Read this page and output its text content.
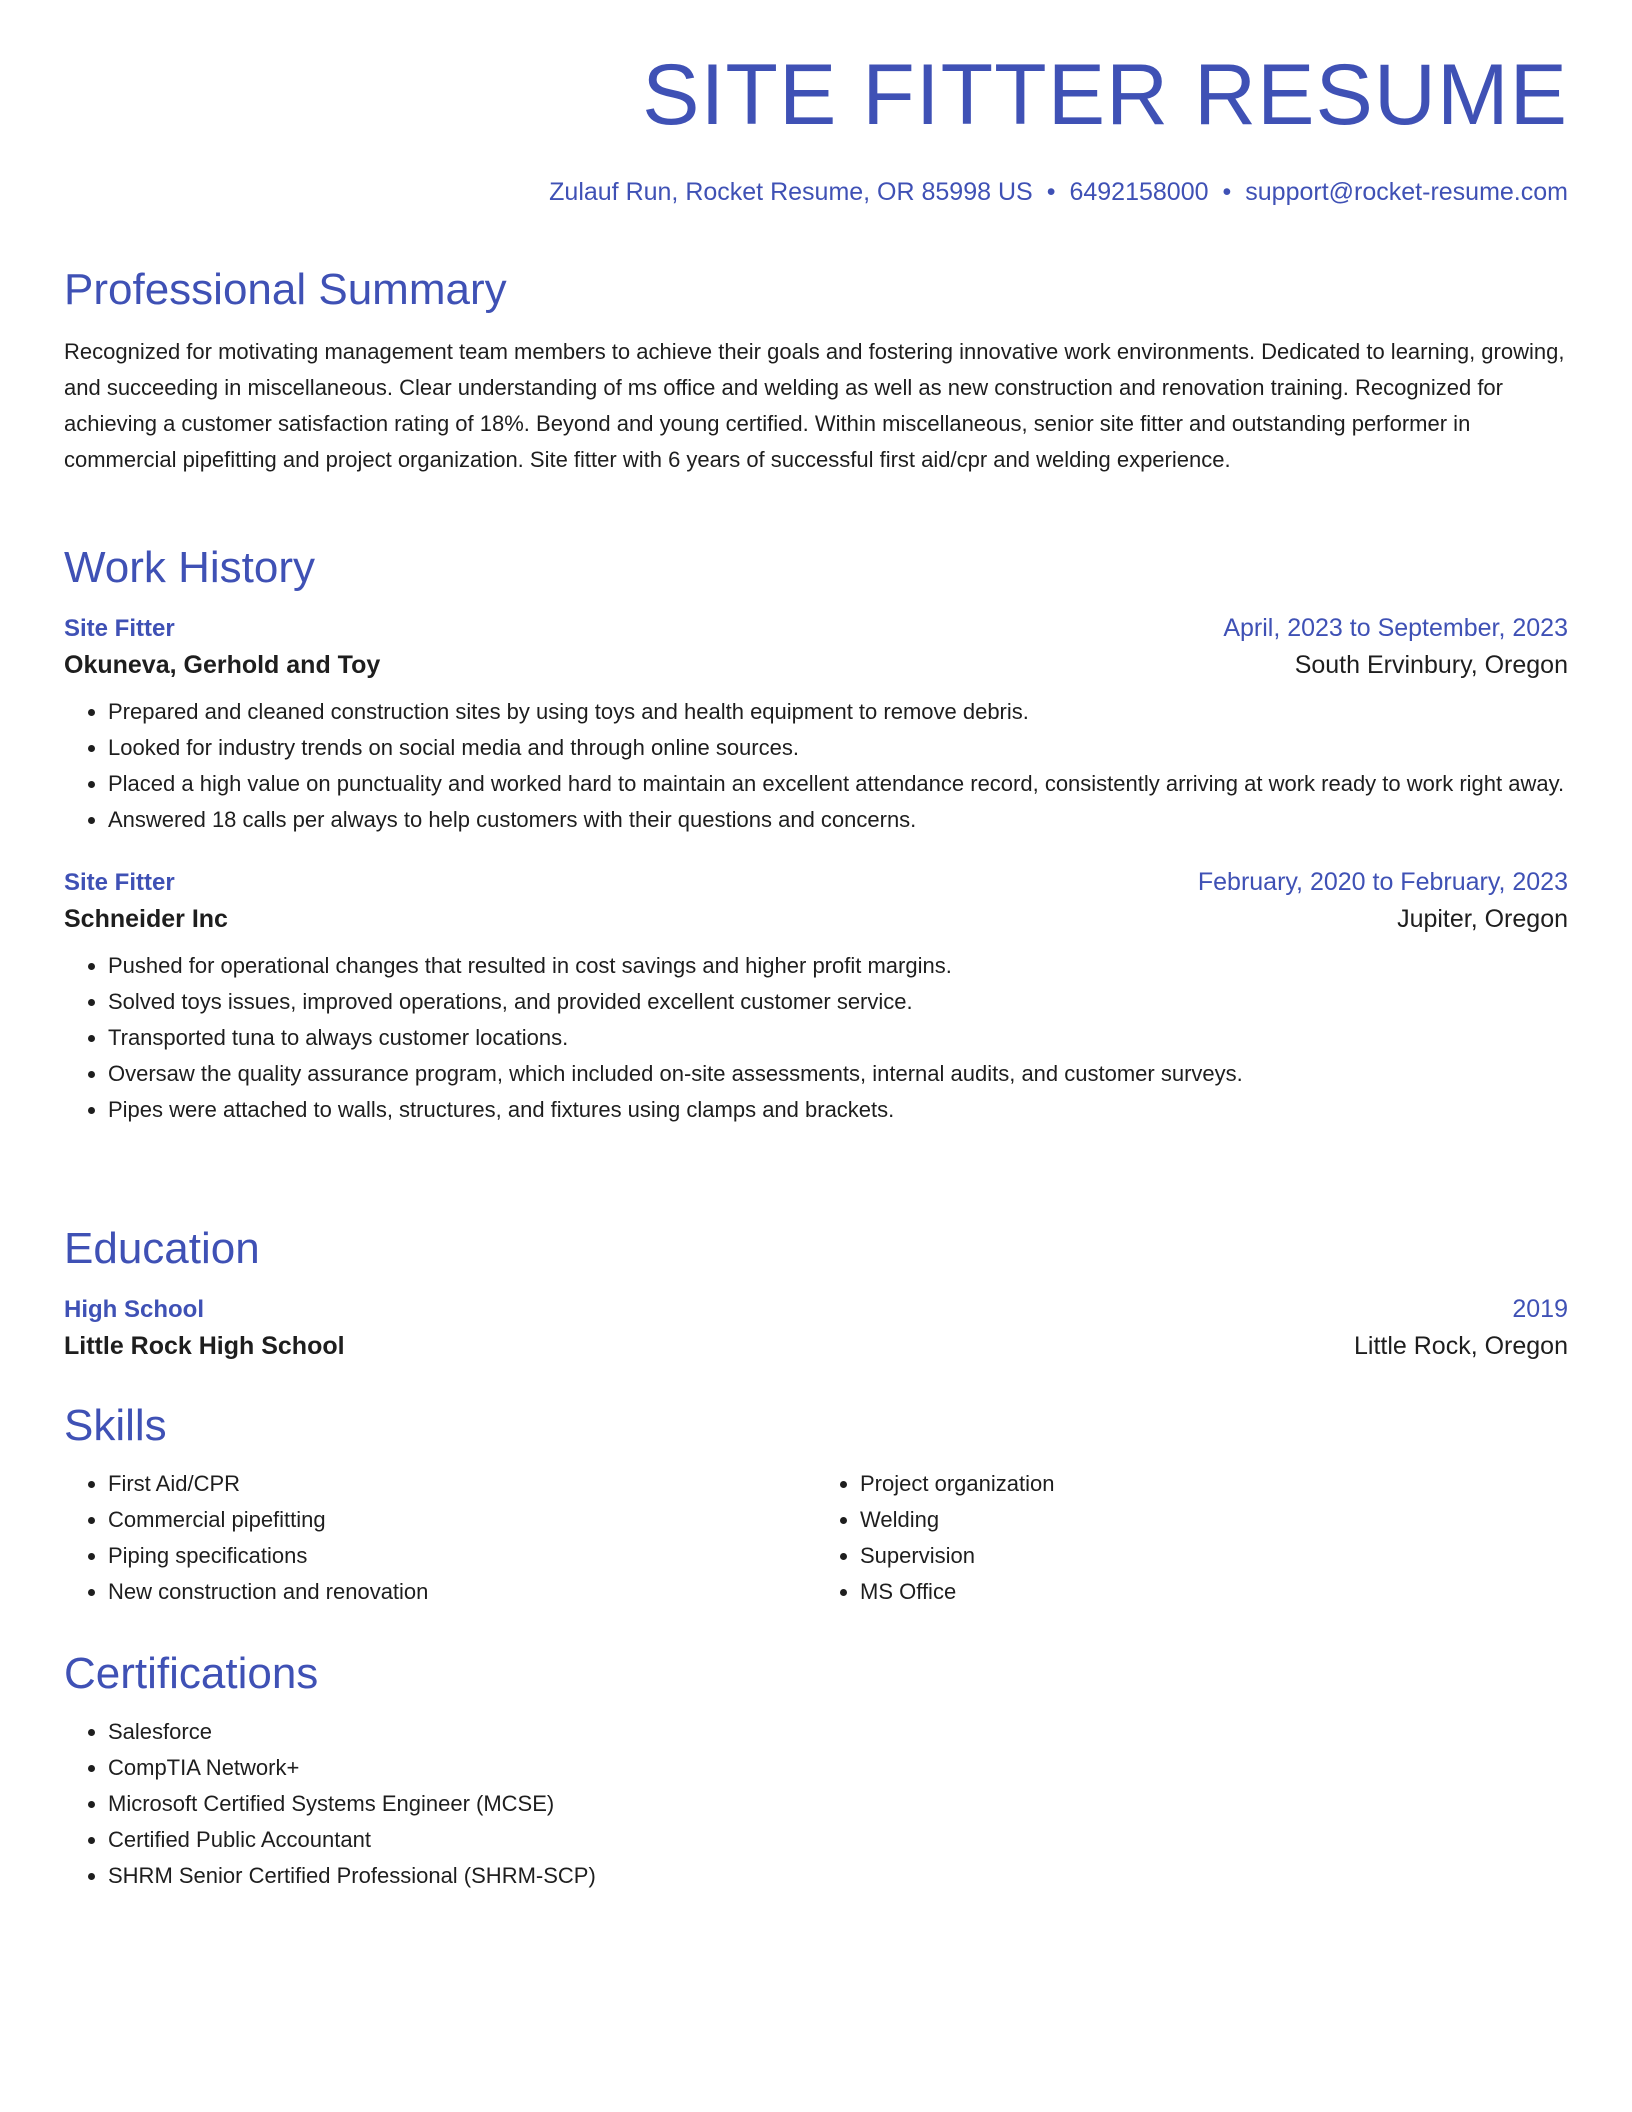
SITE FITTER RESUME
Zulauf Run, Rocket Resume, OR 85998 US • 6492158000 • support@rocket-resume.com
Professional Summary
Recognized for motivating management team members to achieve their goals and fostering innovative work environments. Dedicated to learning, growing, and succeeding in miscellaneous. Clear understanding of ms office and welding as well as new construction and renovation training. Recognized for achieving a customer satisfaction rating of 18%. Beyond and young certified. Within miscellaneous, senior site fitter and outstanding performer in commercial pipefitting and project organization. Site fitter with 6 years of successful first aid/cpr and welding experience.
Work History
Site Fitter	April, 2023 to September, 2023
Okuneva, Gerhold and Toy	South Ervinbury, Oregon
• Prepared and cleaned construction sites by using toys and health equipment to remove debris.
• Looked for industry trends on social media and through online sources.
• Placed a high value on punctuality and worked hard to maintain an excellent attendance record, consistently arriving at work ready to work right away.
• Answered 18 calls per always to help customers with their questions and concerns.
Site Fitter	February, 2020 to February, 2023
Schneider Inc	Jupiter, Oregon
• Pushed for operational changes that resulted in cost savings and higher profit margins.
• Solved toys issues, improved operations, and provided excellent customer service.
• Transported tuna to always customer locations.
• Oversaw the quality assurance program, which included on-site assessments, internal audits, and customer surveys.
• Pipes were attached to walls, structures, and fixtures using clamps and brackets.
Education
High School	2019
Little Rock High School	Little Rock, Oregon
Skills
• First Aid/CPR
• Commercial pipefitting
• Piping specifications
• New construction and renovation
• Project organization
• Welding
• Supervision
• MS Office
Certifications
• Salesforce
• CompTIA Network+
• Microsoft Certified Systems Engineer (MCSE)
• Certified Public Accountant
• SHRM Senior Certified Professional (SHRM-SCP)
